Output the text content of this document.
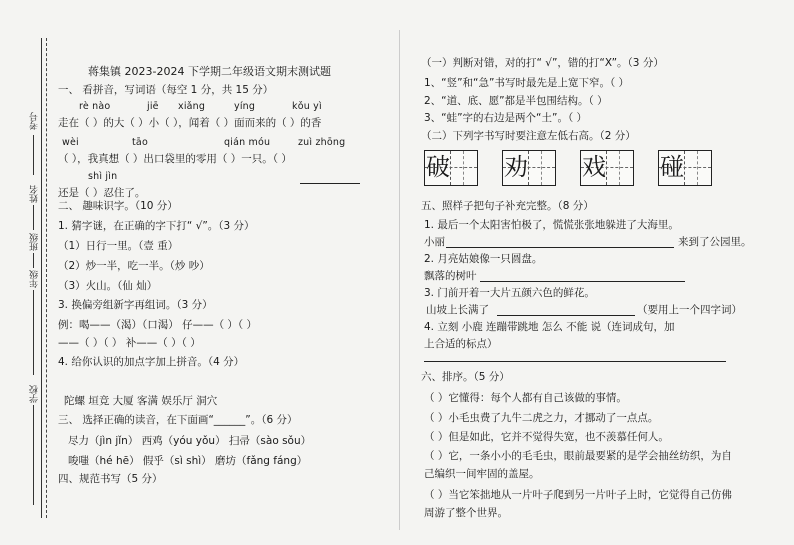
考号
姓名
班级
年级
学校
蒋集镇 2023-2024 下学期二年级语文期末测试题
一、 看拼音，写词语（每空 1 分，共 15 分）
rè nào	jiē xiǎng	yíng	kǒu yì
走在（ ）的大（ ）小（ ），闻着（ ）面而来的（ ）的香
wèi	tāo	qián móu	zuì zhōng
（ ），我真想（ ）出口袋里的零用（ ）一只。（ ）
shì jìn
还是（ ）忍住了。
二、 趣味识字。（10 分）
1. 猜字谜，在正确的字下打“ √”。（3 分）
（1）日行一里。（壹 重）
（2）炒一半，吃一半。（炒 吵）
（3）火山。（仙 灿）
3. 换偏旁组新字再组词。（3 分）
例：喝——（渴）（口渴） 仔——（ ）（ ）
——（ ）（ ） 补——（ ）（ ）
4. 给你认识的加点字加上拼音。（4 分）
陀螺 垣竞 大厦 客满 娱乐厅 洞穴
三、 选择正确的读音，在下面画“______”。（6 分）
尽力（jìn jǐn） 西鸡（yóu yǒu） 扫帚（sào sǒu）
唆嗤（hé hē） 假乎（sì shì） 磨坊（fǎng fáng）
四、规范书写（5 分）
（一）判断对错，对的打“ √”，错的打“X”。（3 分）
1、“竖”和“急”书写时最先是上宽下窄。（ ）
2、“道、底、愿”都是半包围结构。（ ）
3、“蛙”字的右边是两个“土”。（ ）
（二）下列字书写时要注意左低右高。（2 分）
破 劝 戏 碰
五、照样子把句子补充完整。（8 分）
1. 最后一个太阳害怕极了，慌慌张张地躲进了大海里。
小丽	来到了公园里。
2. 月亮姑娘像一只圆盘。
飘落的树叶
3. 门前开着一大片五颜六色的鲜花。
山坡上长满了	（要用上一个四字词）
4. 立刻 小鹿 连蹦带跳地 怎么 不能 说（连词成句，加
上合适的标点）
六、排序。（5 分）
（ ）它懂得：每个人都有自己该做的事情。
（ ）小毛虫费了九牛二虎之力，才挪动了一点点。
（ ）但是如此，它并不觉得失宽，也不羡慕任何人。
（ ）它，一条小小的毛毛虫，眼前最要紧的是学会抽丝纺织，为自
己编织一间牢固的盖屋。
（ ）当它笨拙地从一片叶子爬到另一片叶子上时，它觉得自己仿佛
周游了整个世界。
